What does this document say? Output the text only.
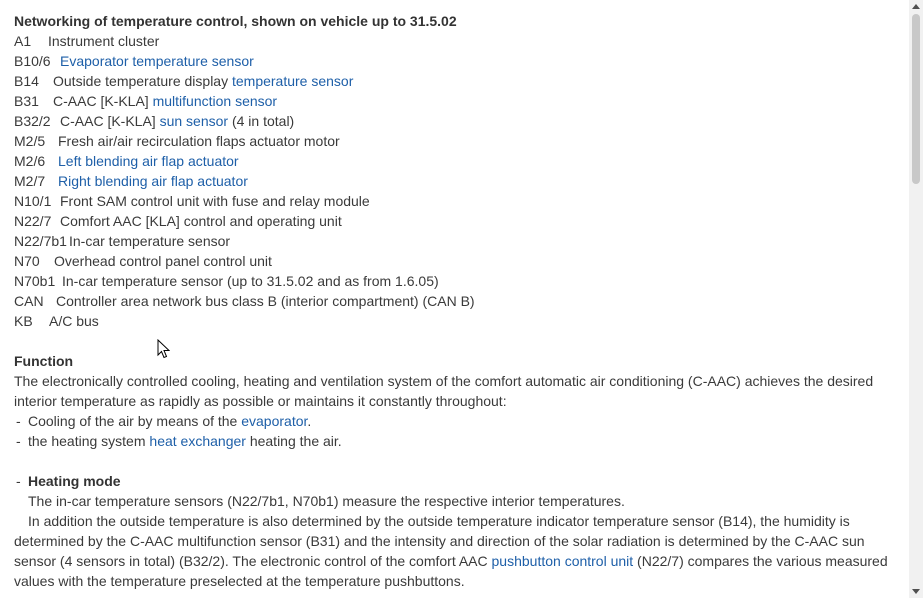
Networking of temperature control, shown on vehicle up to 31.5.02
A1 Instrument cluster
B10/6 Evaporator temperature sensor
B14 Outside temperature display temperature sensor
B31 C-AAC [K-KLA] multifunction sensor
B32/2 C-AAC [K-KLA] sun sensor (4 in total)
M2/5 Fresh air/air recirculation flaps actuator motor
M2/6 Left blending air flap actuator
M2/7 Right blending air flap actuator
N10/1 Front SAM control unit with fuse and relay module
N22/7 Comfort AAC [KLA] control and operating unit
N22/7b1 In-car temperature sensor
N70 Overhead control panel control unit
N70b1 In-car temperature sensor (up to 31.5.02 and as from 1.6.05)
CAN Controller area network bus class B (interior compartment) (CAN B)
KB A/C bus
Function
The electronically controlled cooling, heating and ventilation system of the comfort automatic air conditioning (C-AAC) achieves the desired interior temperature as rapidly as possible or maintains it constantly throughout:
- Cooling of the air by means of the evaporator.
- the heating system heat exchanger heating the air.
- Heating mode
The in-car temperature sensors (N22/7b1, N70b1) measure the respective interior temperatures.
In addition the outside temperature is also determined by the outside temperature indicator temperature sensor (B14), the humidity is determined by the C-AAC multifunction sensor (B31) and the intensity and direction of the solar radiation is determined by the C-AAC sun sensor (4 sensors in total) (B32/2). The electronic control of the comfort AAC pushbutton control unit (N22/7) compares the various measured values with the temperature preselected at the temperature pushbuttons.
